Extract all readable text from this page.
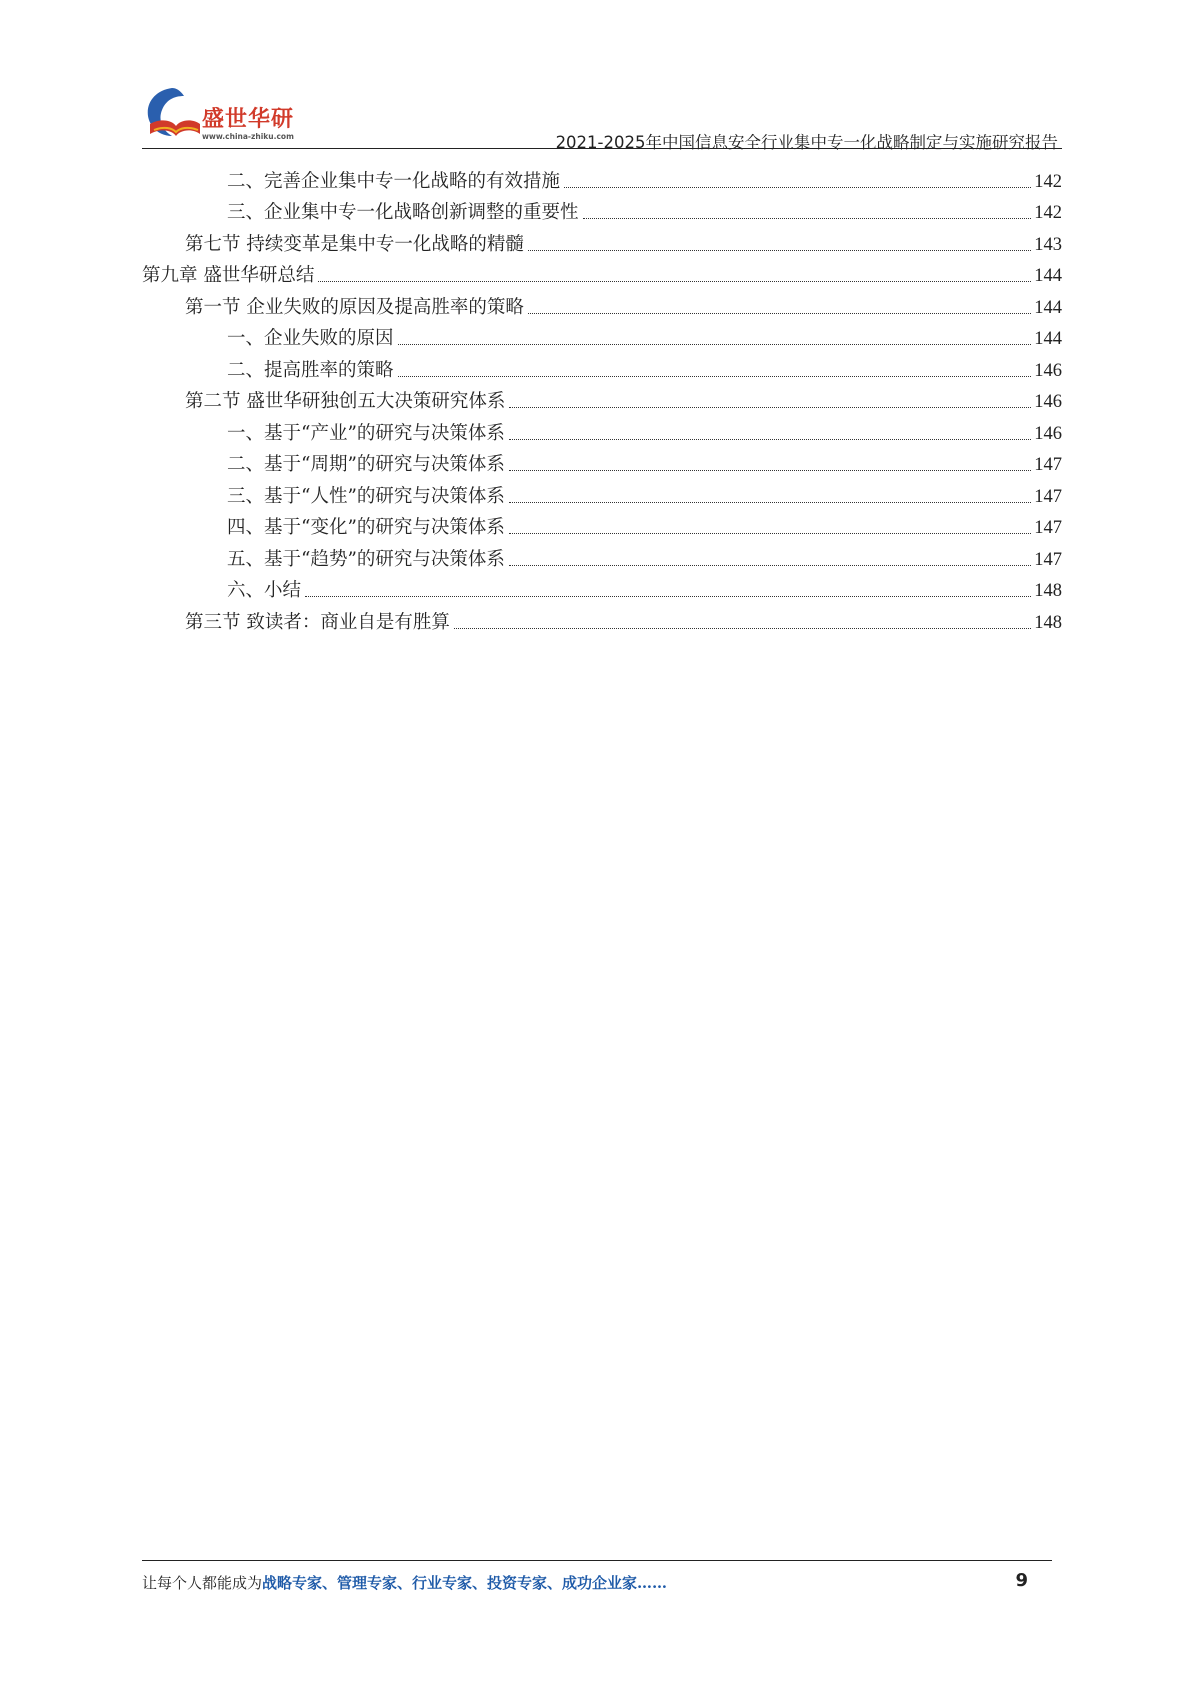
盛世华研
www.china-zhiku.com	2021-2025年中国信息安全行业集中专一化战略制定与实施研究报告
二、完善企业集中专一化战略的有效措施	142
三、企业集中专一化战略创新调整的重要性	142
第七节 持续变革是集中专一化战略的精髓	143
第九章 盛世华研总结	144
第一节 企业失败的原因及提高胜率的策略	144
一、企业失败的原因	144
二、提高胜率的策略	146
第二节 盛世华研独创五大决策研究体系	146
一、基于“产业”的研究与决策体系	146
二、基于“周期”的研究与决策体系	147
三、基于“人性”的研究与决策体系	147
四、基于“变化”的研究与决策体系	147
五、基于“趋势”的研究与决策体系	147
六、小结	148
第三节 致读者：商业自是有胜算	148
让每个人都能成为战略专家、管理专家、行业专家、投资专家、成功企业家……	9
